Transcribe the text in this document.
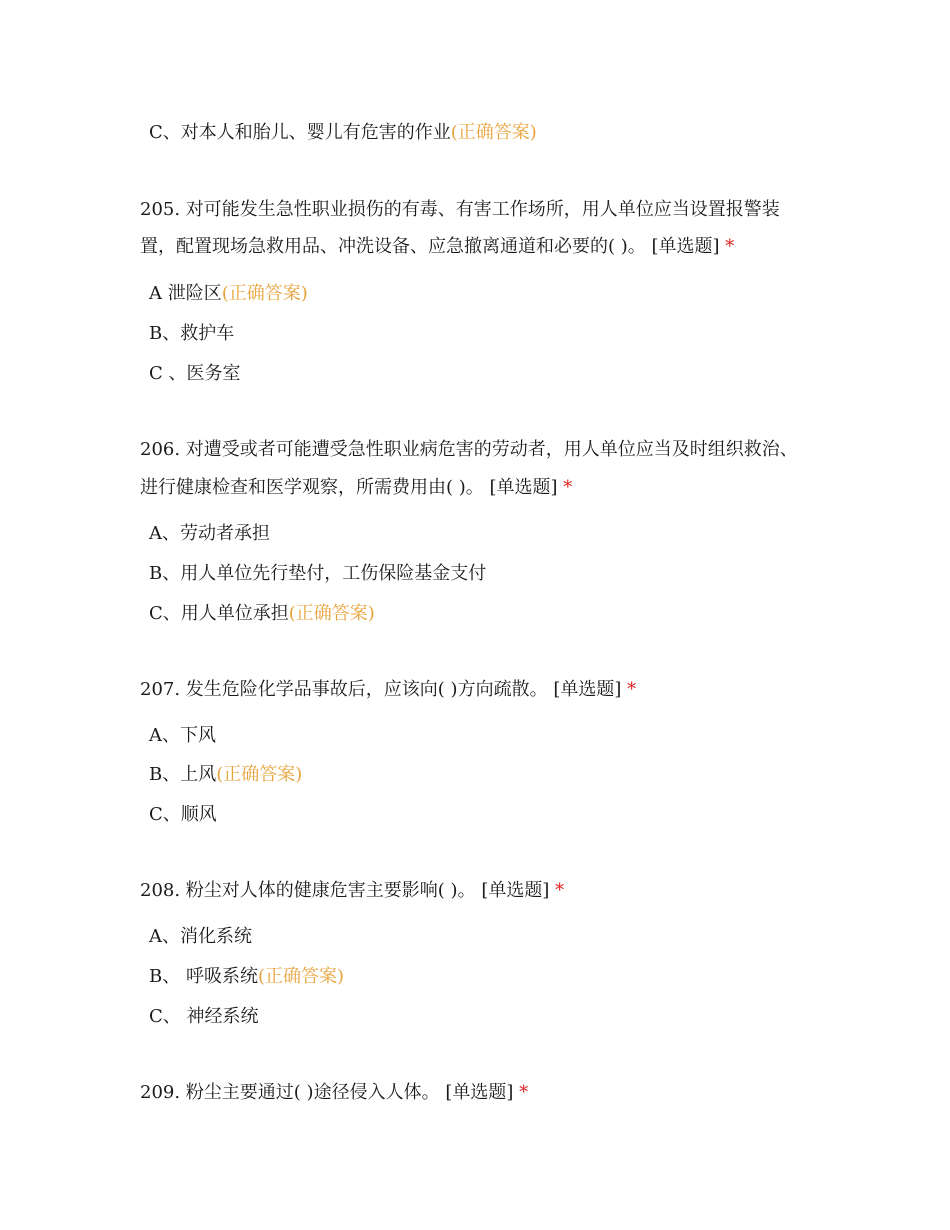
C、对本人和胎儿、婴儿有危害的作业(正确答案)
205. 对可能发生急性职业损伤的有毒、有害工作场所，用人单位应当设置报警装
置，配置现场急救用品、冲洗设备、应急撤离通道和必要的( )。 [单选题] *
A 泄险区(正确答案)
B、救护车
C 、医务室
206. 对遭受或者可能遭受急性职业病危害的劳动者，用人单位应当及时组织救治、
进行健康检查和医学观察，所需费用由( )。 [单选题] *
A、劳动者承担
B、用人单位先行垫付，工伤保险基金支付
C、用人单位承担(正确答案)
207. 发生危险化学品事故后，应该向( )方向疏散。 [单选题] *
A、下风
B、上风(正确答案)
C、顺风
208. 粉尘对人体的健康危害主要影响( )。 [单选题] *
A、消化系统
B、 呼吸系统(正确答案)
C、 神经系统
209. 粉尘主要通过( )途径侵入人体。 [单选题] *
